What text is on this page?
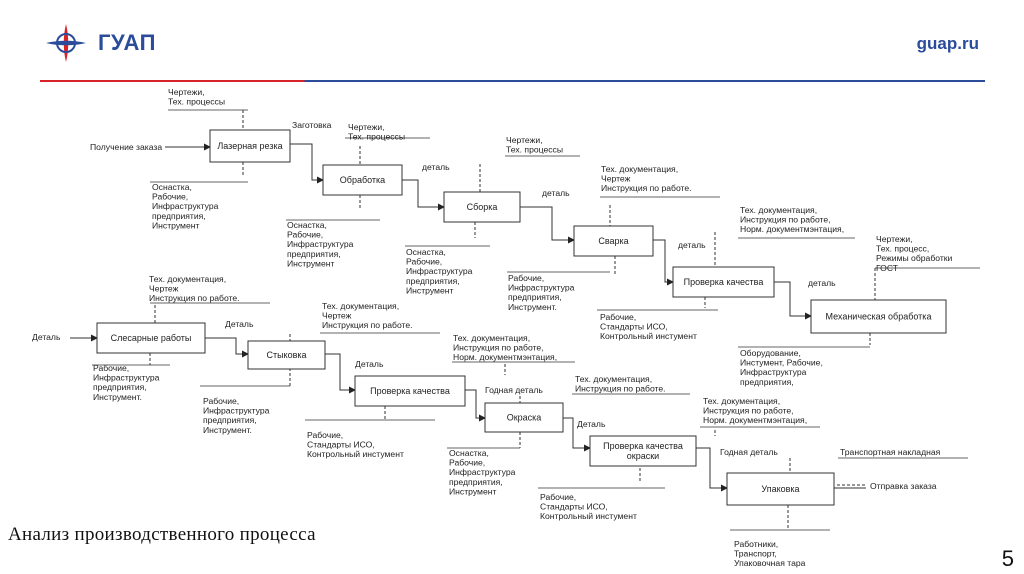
ГУАП	guap.ru
Лазерная резка
Обработка
Сборка
Сварка
Проверка качества
Механическая обработка
Слесарные работы
Стыковка
Проверка качества
Окраска
Проверка качества
окраски
Упаковка
Чертежи,
Тех. процессы
Получение заказа
Оснастка,
Рабочие,
Инфраструктура
предприятия,
Инструмент
Заготовка Чертежи,
Тех. процессы
Оснастка,
Рабочие,
Инфраструктура
предприятия,
Инструмент
деталь
Чертежи,
Тех. процессы
Оснастка,
Рабочие,
Инфраструктура
предприятия,
Инструмент
деталь
Тех. документация,
Чертеж
Инструкция по работе.
Рабочие,
Инфраструктура
предприятия,
Инструмент.
деталь
Тех. документация,
Инструкция по работе,
Норм. документмэнтация,
Рабочие,
Стандарты ИСО,
Контрольный инстумент
деталь
Чертежи,
Тех. процесс,
Режимы обработки
ГОСТ
Оборудование,
Инстумент, Рабочие,
Инфраструктура
предприятия,
Деталь
Тех. документация,
Чертеж
Инструкция по работе.
Рабочие,
Инфраструктура
предприятия,
Инструмент.
Деталь
Тех. документация,
Чертеж
Инструкция по работе.
Рабочие,
Инфраструктура
предприятия,
Инструмент.
Деталь
Тех. документация,
Инструкция по работе,
Норм. документмэнтация,
Рабочие,
Стандарты ИСО,
Контрольный инстумент
Годная деталь
Тех. документация,
Инструкция по работе.
Оснастка,
Рабочие,
Инфраструктура
предприятия,
Инструмент
Деталь
Тех. документация,
Инструкция по работе,
Норм. документмэнтация,
Рабочие,
Стандарты ИСО,
Контрольный инстумент
Годная деталь	Транспортная накладная
Работники,
Транспорт,
Упаковочная тара
Отправка заказа
Анализ производственного процесса
5
